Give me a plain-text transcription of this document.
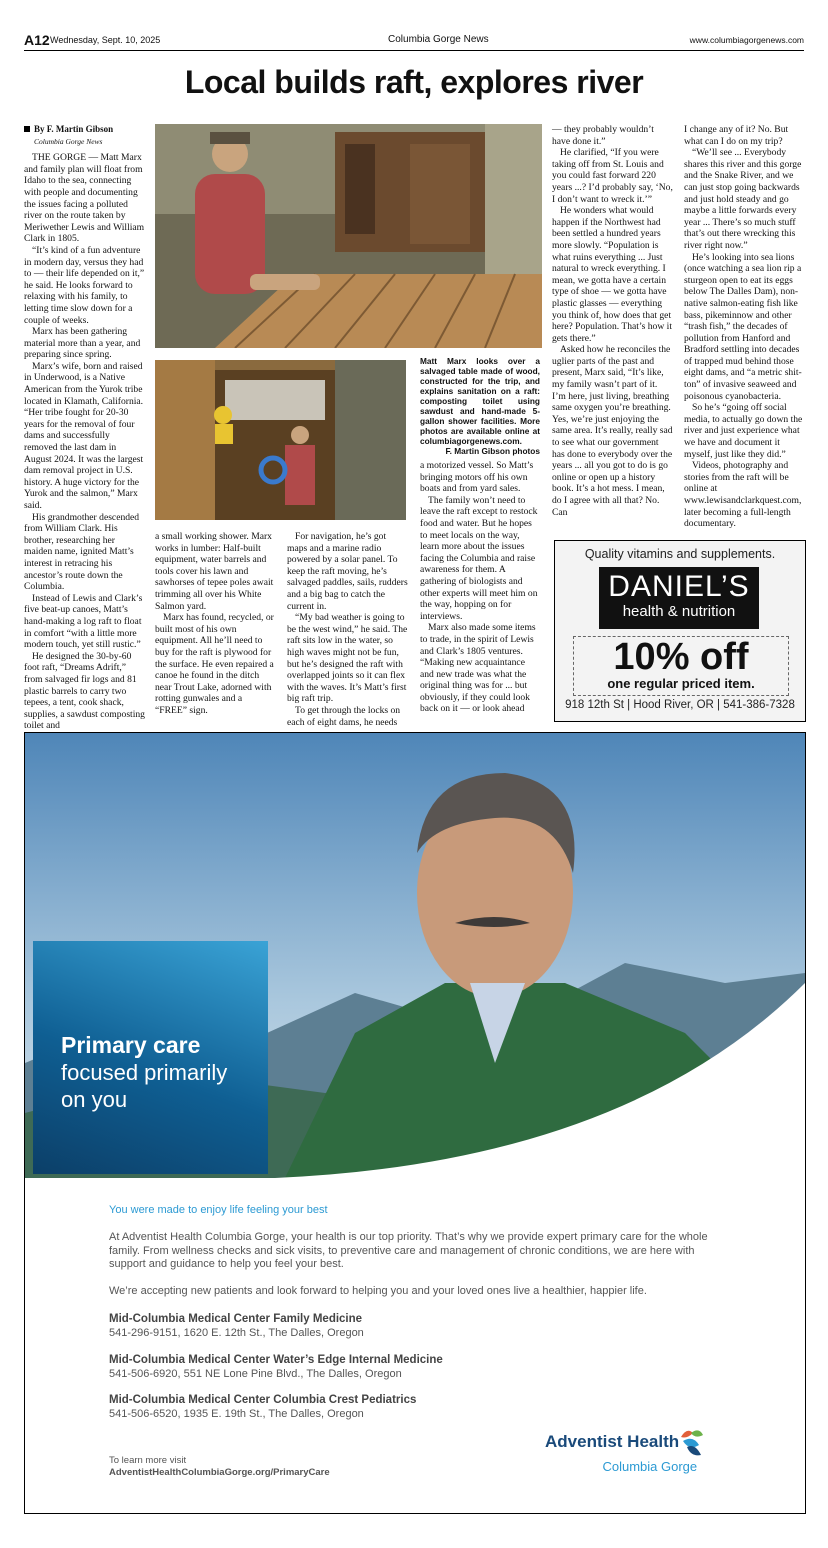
A12 Wednesday, Sept. 10, 2025	Columbia Gorge News	www.columbiagorgenews.com
Local builds raft, explores river
By F. Martin Gibson
Columbia Gorge News

THE GORGE — Matt Marx and family plan will float from Idaho to the sea, connecting with people and documenting the issues facing a polluted river on the route taken by Meriwether Lewis and William Clark in 1805.

“It’s kind of a fun adventure in modern day, versus they had to — their life depended on it,” he said. He looks forward to relaxing with his family, to letting time slow down for a couple of weeks.

Marx has been gathering material more than a year, and preparing since spring.

Marx’s wife, born and raised in Underwood, is a Native American from the Yurok tribe located in Klamath, California. “Her tribe fought for 20-30 years for the removal of four dams and successfully removed the last dam in August 2024. It was the largest dam removal project in U.S. history. A huge victory for the Yurok and the salmon,” Marx said.

His grandmother descended from William Clark. His brother, researching her maiden name, ignited Matt’s interest in retracing his ancestor’s route down the Columbia.

Instead of Lewis and Clark’s five beat-up canoes, Matt’s hand-making a log raft to float in comfort “with a little more modern touch, yet still rustic.”

He designed the 30-by-60 foot raft, “Dreams Adrift,” from salvaged fir logs and 81 plastic barrels to carry two tepees, a tent, cook shack, supplies, a sawdust composting toilet and

Matt Marx looks over a salvaged table made of wood, constructed for the trip, and explains sanitation on a raft: composting toilet using sawdust and hand-made 5-gallon shower facilities. More photos are available online at columbiagorgenews.com.
F. Martin Gibson photos

a small working shower. Marx works in lumber: Half-built equipment, water barrels and tools cover his lawn and sawhorses of tepee poles await trimming all over his White Salmon yard.

Marx has found, recycled, or built most of his own equipment. All he’ll need to buy for the raft is plywood for the surface. He even repaired a canoe he found in the ditch near Trout Lake, adorned with rotting gunwales and a “FREE” sign.

For navigation, he’s got maps and a marine radio powered by a solar panel. To keep the raft moving, he’s salvaged paddles, sails, rudders and a big bag to catch the current in.

“My bad weather is going to be the west wind,” he said. The raft sits low in the water, so high waves might not be fun, but he’s designed the raft with overlapped joints so it can flex with the waves. It’s Matt’s first big raft trip.

To get through the locks on each of eight dams, he needs

— they probably wouldn’t have done it.”

He clarified, “If you were taking off from St. Louis and you could fast forward 220 years ...? I’d probably say, ‘No, I don’t want to wreck it.’”

He wonders what would happen if the Northwest had been settled a hundred years more slowly. “Population is what ruins everything ... Just natural to wreck everything. I mean, we gotta have a certain type of shoe — we gotta have plastic glasses — everything you think of, how does that get here? Population. That’s how it gets there.”

Asked how he reconciles the uglier parts of the past and present, Marx said, “It’s like, my family wasn’t part of it. I’m here, just living, breathing same oxygen you’re breathing. Yes, we’re just enjoying the same area. It’s really, really sad to see what our government has done to everybody over the years ... all you got to do is go online or open up a history book. It’s a hot mess. I mean, do I agree with all that? No. Can

a motorized vessel. So Matt’s bringing motors off his own boats and from yard sales.

The family won’t need to leave the raft except to restock food and water. But he hopes to meet locals on the way, learn more about the issues facing the Columbia and raise awareness for them. A gathering of biologists and other experts will meet him on the way, hopping on for interviews.

Marx also made some items to trade, in the spirit of Lewis and Clark’s 1805 ventures. “Making new acquaintance and new trade was what the original thing was for ... but obviously, if they could look back on it — or look ahead

I change any of it? No. But what can I do on my trip?

“We’ll see ... Everybody shares this river and this gorge and the Snake River, and we can just stop going backwards and just hold steady and go maybe a little forwards every year ... There’s so much stuff that’s out there wrecking this river right now.”

He’s looking into sea lions (once watching a sea lion rip a sturgeon open to eat its eggs below The Dalles Dam), non-native salmon-eating fish like bass, pikeminnow and other “trash fish,” the decades of pollution from Hanford and Bradford settling into decades of trapped mud behind those eight dams, and “a metric shit-ton” of invasive seaweed and poisonous cyanobacteria.

So he’s “going off social media, to actually go down the river and just experience what we have and document it myself, just like they did.”

Videos, photography and stories from the raft will be online at www.lewisandclarkquest.com, later becoming a full-length documentary.

Quality vitamins and supplements.
DANIEL’S
health & nutrition
10% off
one regular priced item.
918 12th St | Hood River, OR | 541-386-7328
Primary care
focused primarily
on you
You were made to enjoy life feeling your best
At Adventist Health Columbia Gorge, your health is our top priority. That’s why we provide expert primary care for the whole family. From wellness checks and sick visits, to preventive care and management of chronic conditions, we are here with support and guidance to help you feel your best.
We’re accepting new patients and look forward to helping you and your loved ones live a healthier, happier life.
Mid-Columbia Medical Center Family Medicine
541-296-9151, 1620 E. 12th St., The Dalles, Oregon
Mid-Columbia Medical Center Water’s Edge Internal Medicine
541-506-6920, 551 NE Lone Pine Blvd., The Dalles, Oregon
Mid-Columbia Medical Center Columbia Crest Pediatrics
541-506-6520, 1935 E. 19th St., The Dalles, Oregon
To learn more visit
AdventistHealthColumbiaGorge.org/PrimaryCare
Adventist Health
Columbia Gorge
